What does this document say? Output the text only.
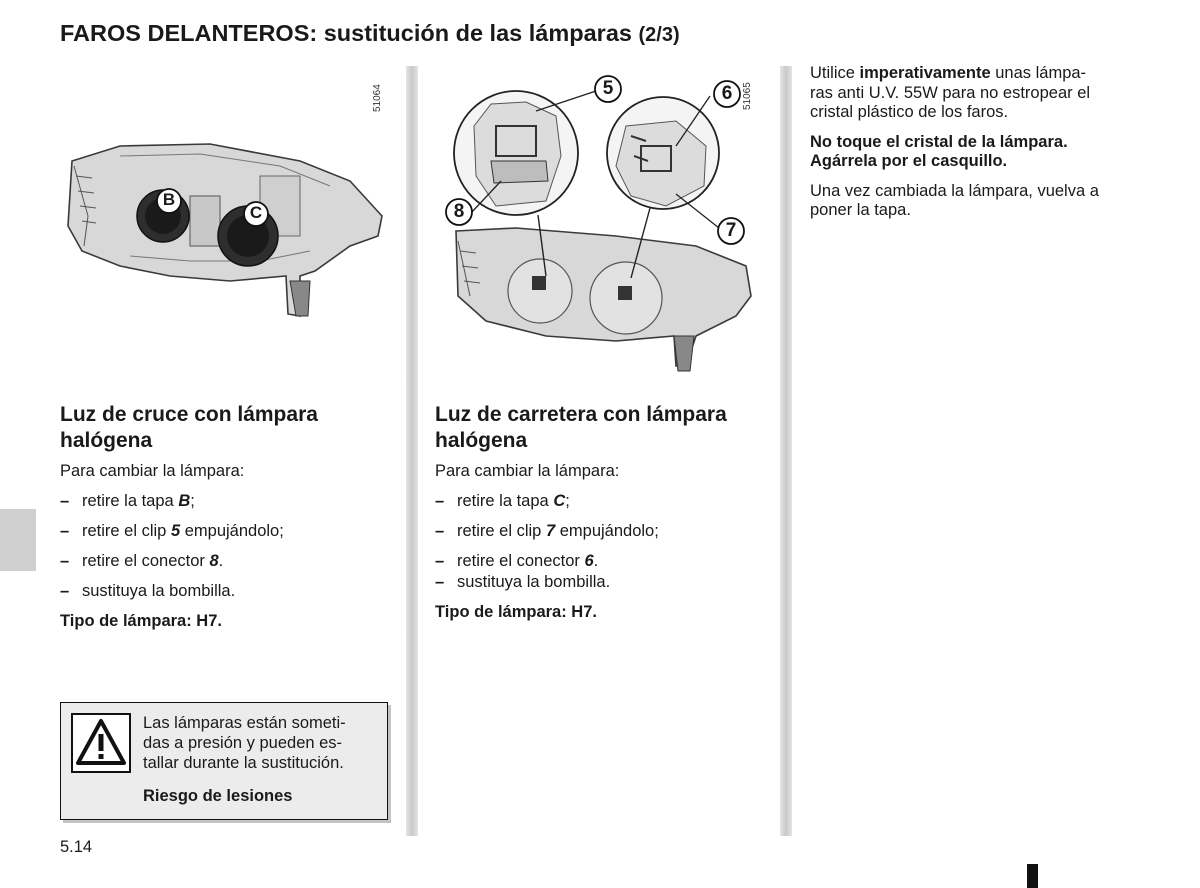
FAROS DELANTEROS: sustitución de las lámparas (2/3)
51064
B
C
Luz de cruce con lámpara
halógena

Para cambiar la lámpara:

– retire la tapa B;

– retire el clip 5 empujándolo;

– retire el conector 8.

– sustituya la bombilla.

Tipo de lámpara: H7.

Las lámparas están someti-
das a presión y pueden es-
tallar durante la sustitución.
Riesgo de lesiones
51065
5	6
7
8
Luz de carretera con lámpara
halógena

Para cambiar la lámpara:

– retire la tapa C;

– retire el clip 7 empujándolo;

– retire el conector 6.

– sustituya la bombilla.

Tipo de lámpara: H7.

Utilice imperativamente unas lámpa-
ras anti U.V. 55W para no estropear el
cristal plástico de los faros.

No toque el cristal de la lámpara.
Agárrela por el casquillo.

Una vez cambiada la lámpara, vuelva a
poner la tapa.

5.14
